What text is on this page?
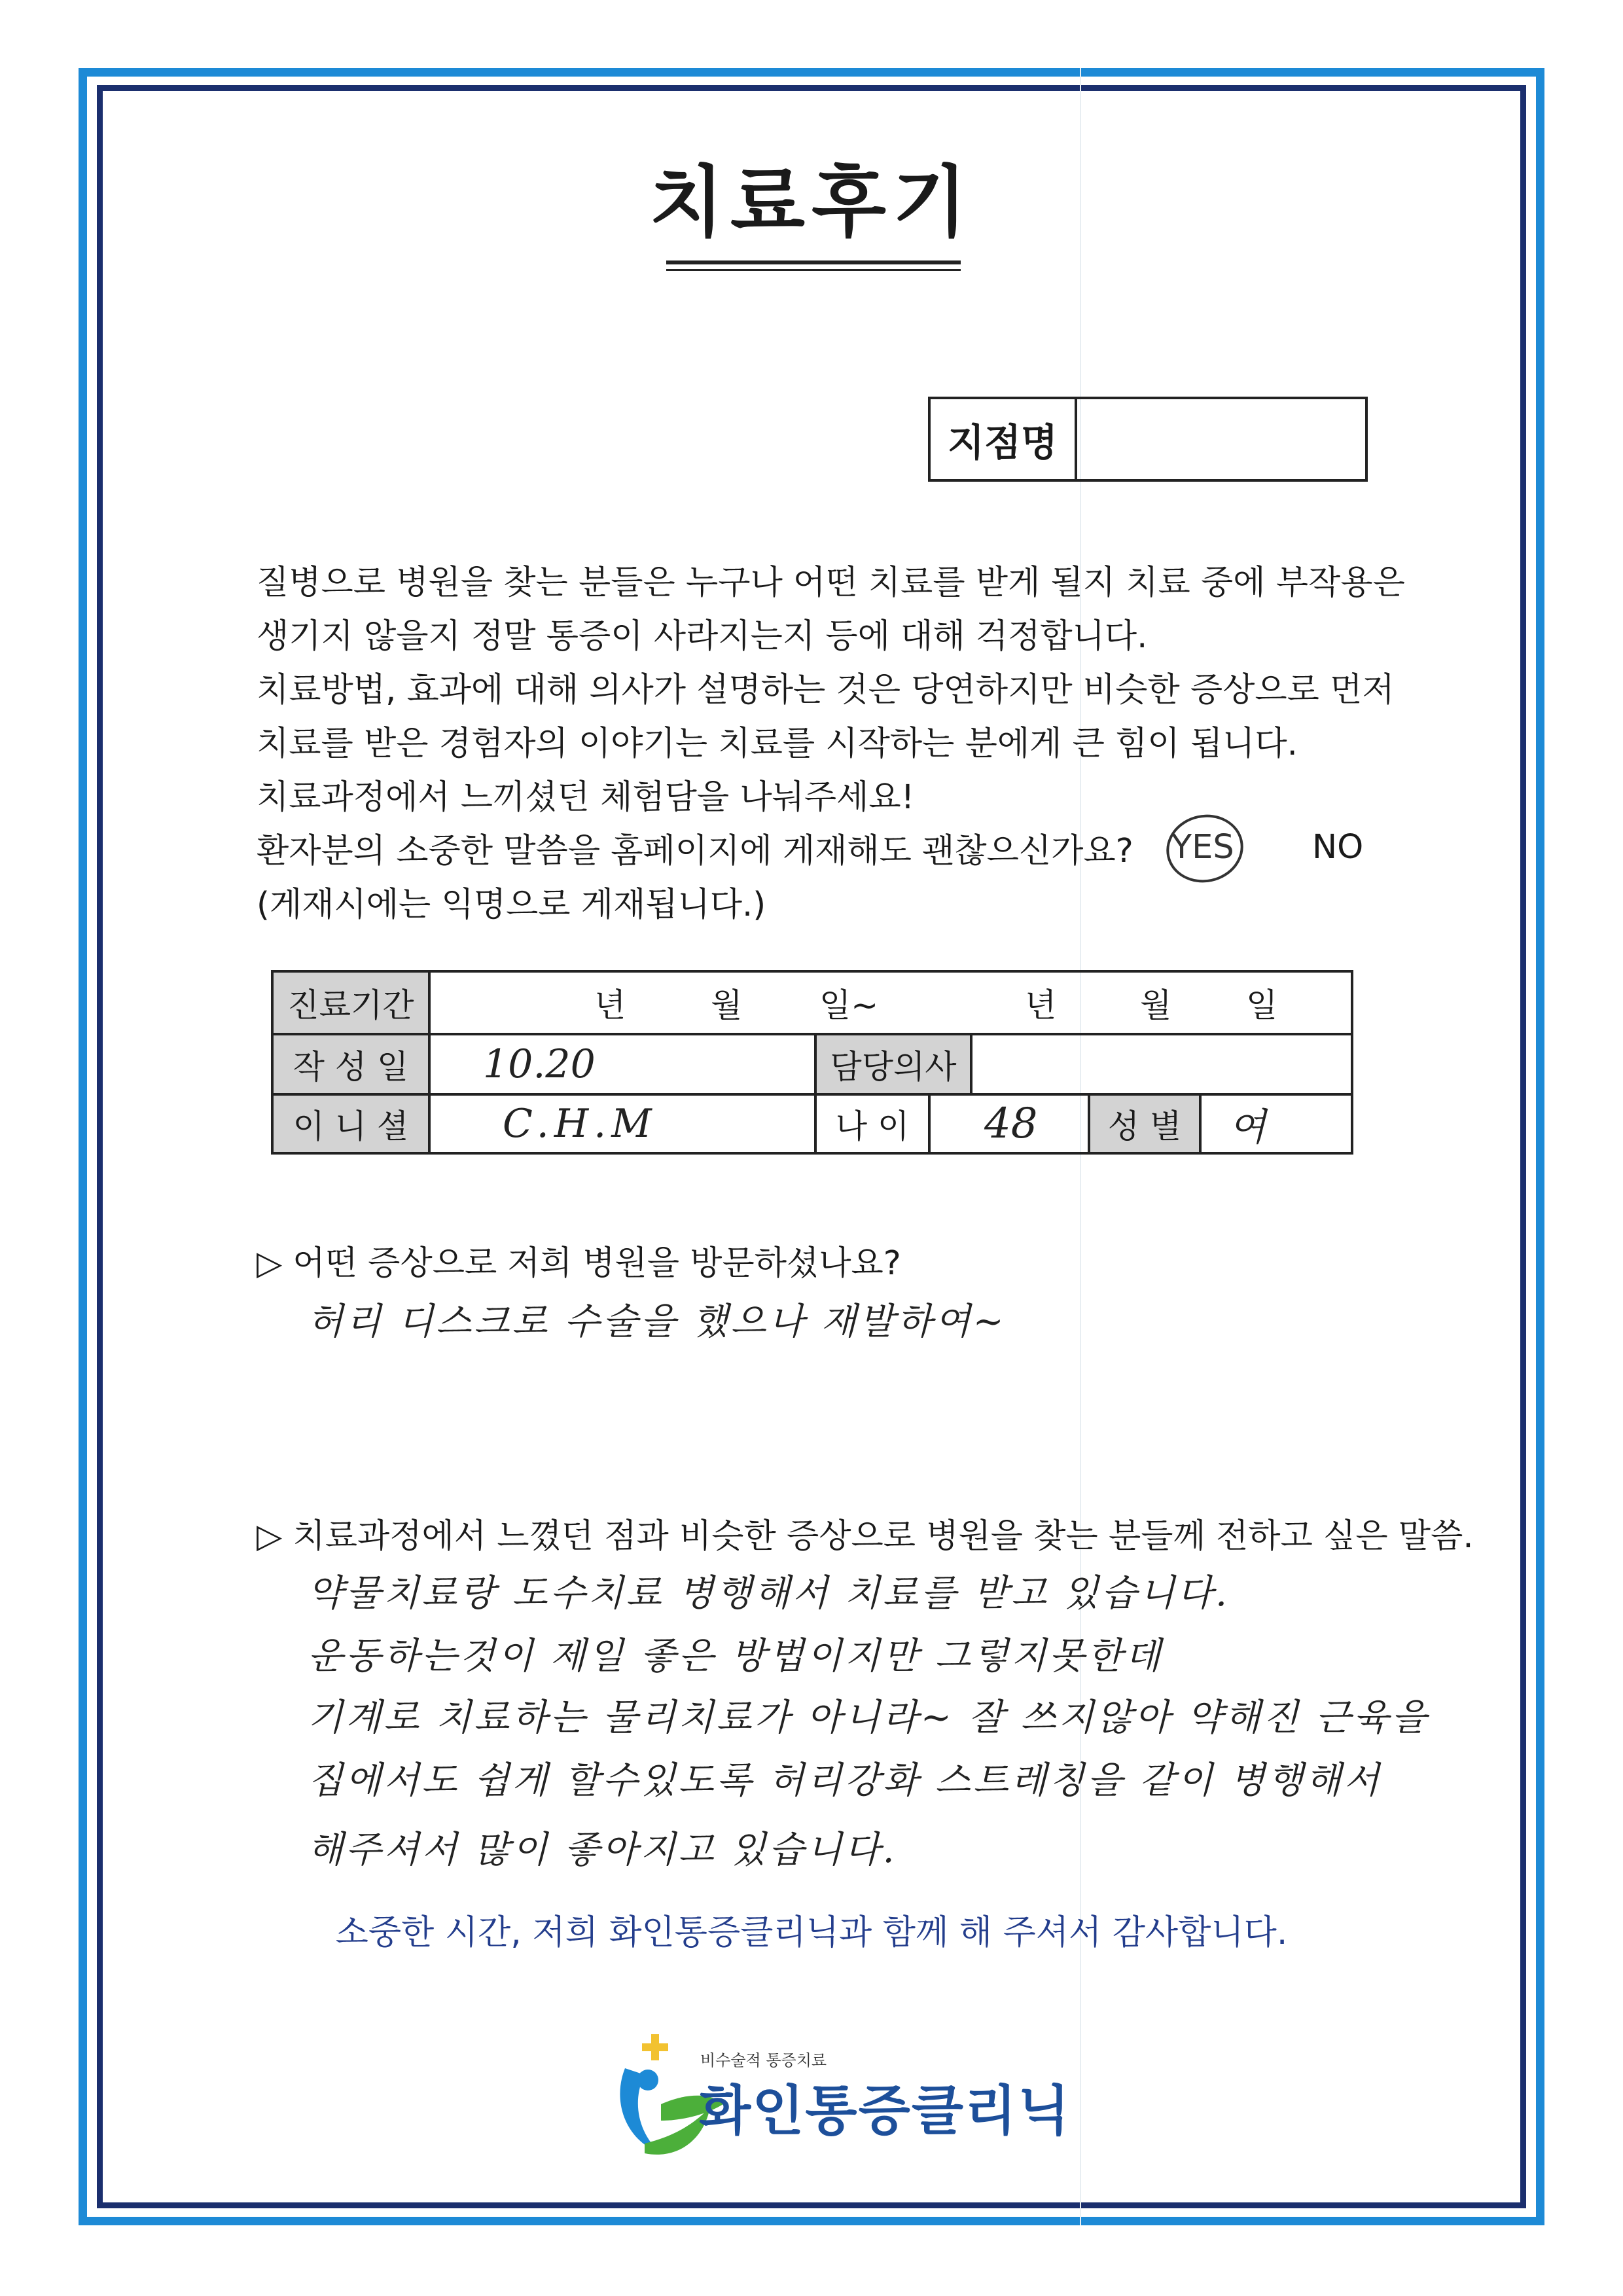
치료후기
지점명
질병으로 병원을 찾는 분들은 누구나 어떤 치료를 받게 될지 치료 중에 부작용은
생기지 않을지 정말 통증이 사라지는지 등에 대해 걱정합니다.
치료방법, 효과에 대해 의사가 설명하는 것은 당연하지만 비슷한 증상으로 먼저
치료를 받은 경험자의 이야기는 치료를 시작하는 분에게 큰 힘이 됩니다.
치료과정에서 느끼셨던 체험담을 나눠주세요!
환자분의 소중한 말씀을 홈페이지에 게재해도 괜찮으신가요?
(게재시에는 익명으로 게재됩니다.)
YES NO
진료기간	년	월 일~	년	월 일
작 성 일	10.20	담당의사
이 니 셜	C.H.M	나 이	48	성 별	여
▷ 어떤 증상으로 저희 병원을 방문하셨나요?
허리 디스크로 수술을 했으나 재발하여~
▷ 치료과정에서 느꼈던 점과 비슷한 증상으로 병원을 찾는 분들께 전하고 싶은 말씀.
약물치료랑 도수치료 병행해서 치료를 받고 있습니다.
운동하는것이 제일 좋은 방법이지만 그렇지못한데
기계로 치료하는 물리치료가 아니라~ 잘 쓰지않아 약해진 근육을
집에서도 쉽게 할수있도록 허리강화 스트레칭을 같이 병행해서
해주셔서 많이 좋아지고 있습니다.
소중한 시간, 저희 화인통증클리닉과 함께 해 주셔서 감사합니다.
비수술적 통증치료
화인통증클리닉
